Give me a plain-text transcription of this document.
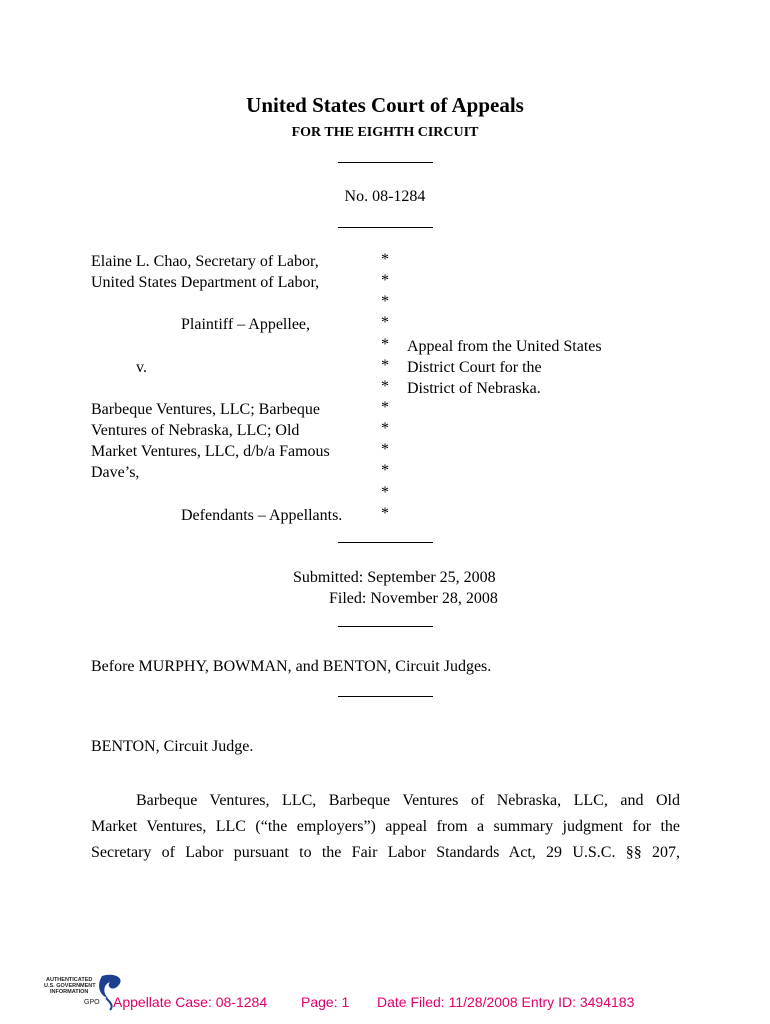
United States Court of Appeals
FOR THE EIGHTH CIRCUIT
No. 08-1284
Elaine L. Chao, Secretary of Labor,
United States Department of Labor,
Plaintiff – Appellee,
v.
Barbeque Ventures, LLC; Barbeque
Ventures of Nebraska, LLC; Old
Market Ventures, LLC, d/b/a Famous
Dave’s,
Defendants – Appellants.
*
*
*
*
*
*
*
*
*
*
*
*
*
Appeal from the United States
District Court for the
District of Nebraska.
Submitted: September 25, 2008
Filed: November 28, 2008
Before MURPHY, BOWMAN, and BENTON, Circuit Judges.
BENTON, Circuit Judge.
Barbeque Ventures, LLC, Barbeque Ventures of Nebraska, LLC, and Old
Market Ventures, LLC (“the employers”) appeal from a summary judgment for the
Secretary of Labor pursuant to the Fair Labor Standards Act, 29 U.S.C. §§ 207,
AUTHENTICATED
U.S. GOVERNMENT
INFORMATION
GPO Appellate Case: 08-1284 Page: 1 Date Filed: 11/28/2008 Entry ID: 3494183
